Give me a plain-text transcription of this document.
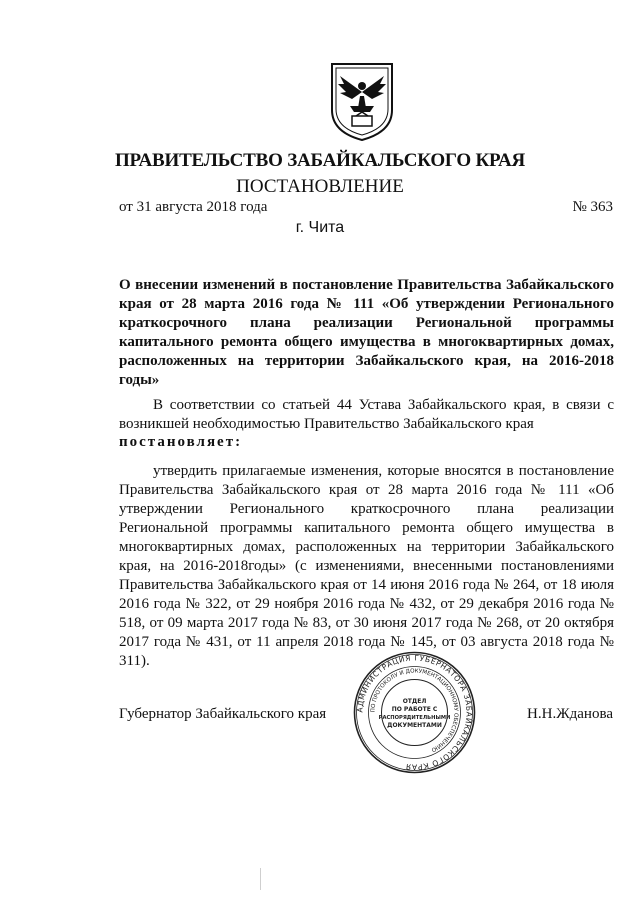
ПРАВИТЕЛЬСТВО ЗАБАЙКАЛЬСКОГО КРАЯ
ПОСТАНОВЛЕНИЕ
от 31 августа 2018 года	№ 363
г. Чита
О внесении изменений в постановление Правительства Забайкальского края от 28 марта 2016 года № 111 «Об утверждении Регионального краткосрочного плана реализации Региональной программы капитального ремонта общего имущества в многоквартирных домах, расположенных на территории Забайкальского края, на 2016-2018 годы»
В соответствии со статьей 44 Устава Забайкальского края, в связи с возникшей необходимостью Правительство Забайкальского края
постановляет:
утвердить прилагаемые изменения, которые вносятся в постановление Правительства Забайкальского края от 28 марта 2016 года № 111 «Об утверждении Регионального краткосрочного плана реализации Региональной программы капитального ремонта общего имущества в многоквартирных домах, расположенных на территории Забайкальского края, на 2016-2018годы» (с изменениями, внесенными постановлениями Правительства Забайкальского края от 14 июня 2016 года № 264, от 18 июля 2016 года № 322, от 29 ноября 2016 года № 432, от 29 декабря 2016 года № 518, от 09 марта 2017 года № 83, от 30 июня 2017 года № 268, от 20 октября 2017 года № 431, от 11 апреля 2018 года № 145, от 03 августа 2018 года № 311).
Губернатор Забайкальского края	Н.Н.Жданова
АДМИНИСТРАЦИЯ ГУБЕРНАТОРА ЗАБАЙКАЛЬСКОГО КРАЯ
ПО ПРОТОКОЛУ И ДОКУМЕНТАЦИОННОМУ ОБЕСПЕЧЕНИЮ
ОТДЕЛ
ПО РАБОТЕ С
РАСПОРЯДИТЕЛЬНЫМИ
ДОКУМЕНТАМИ
